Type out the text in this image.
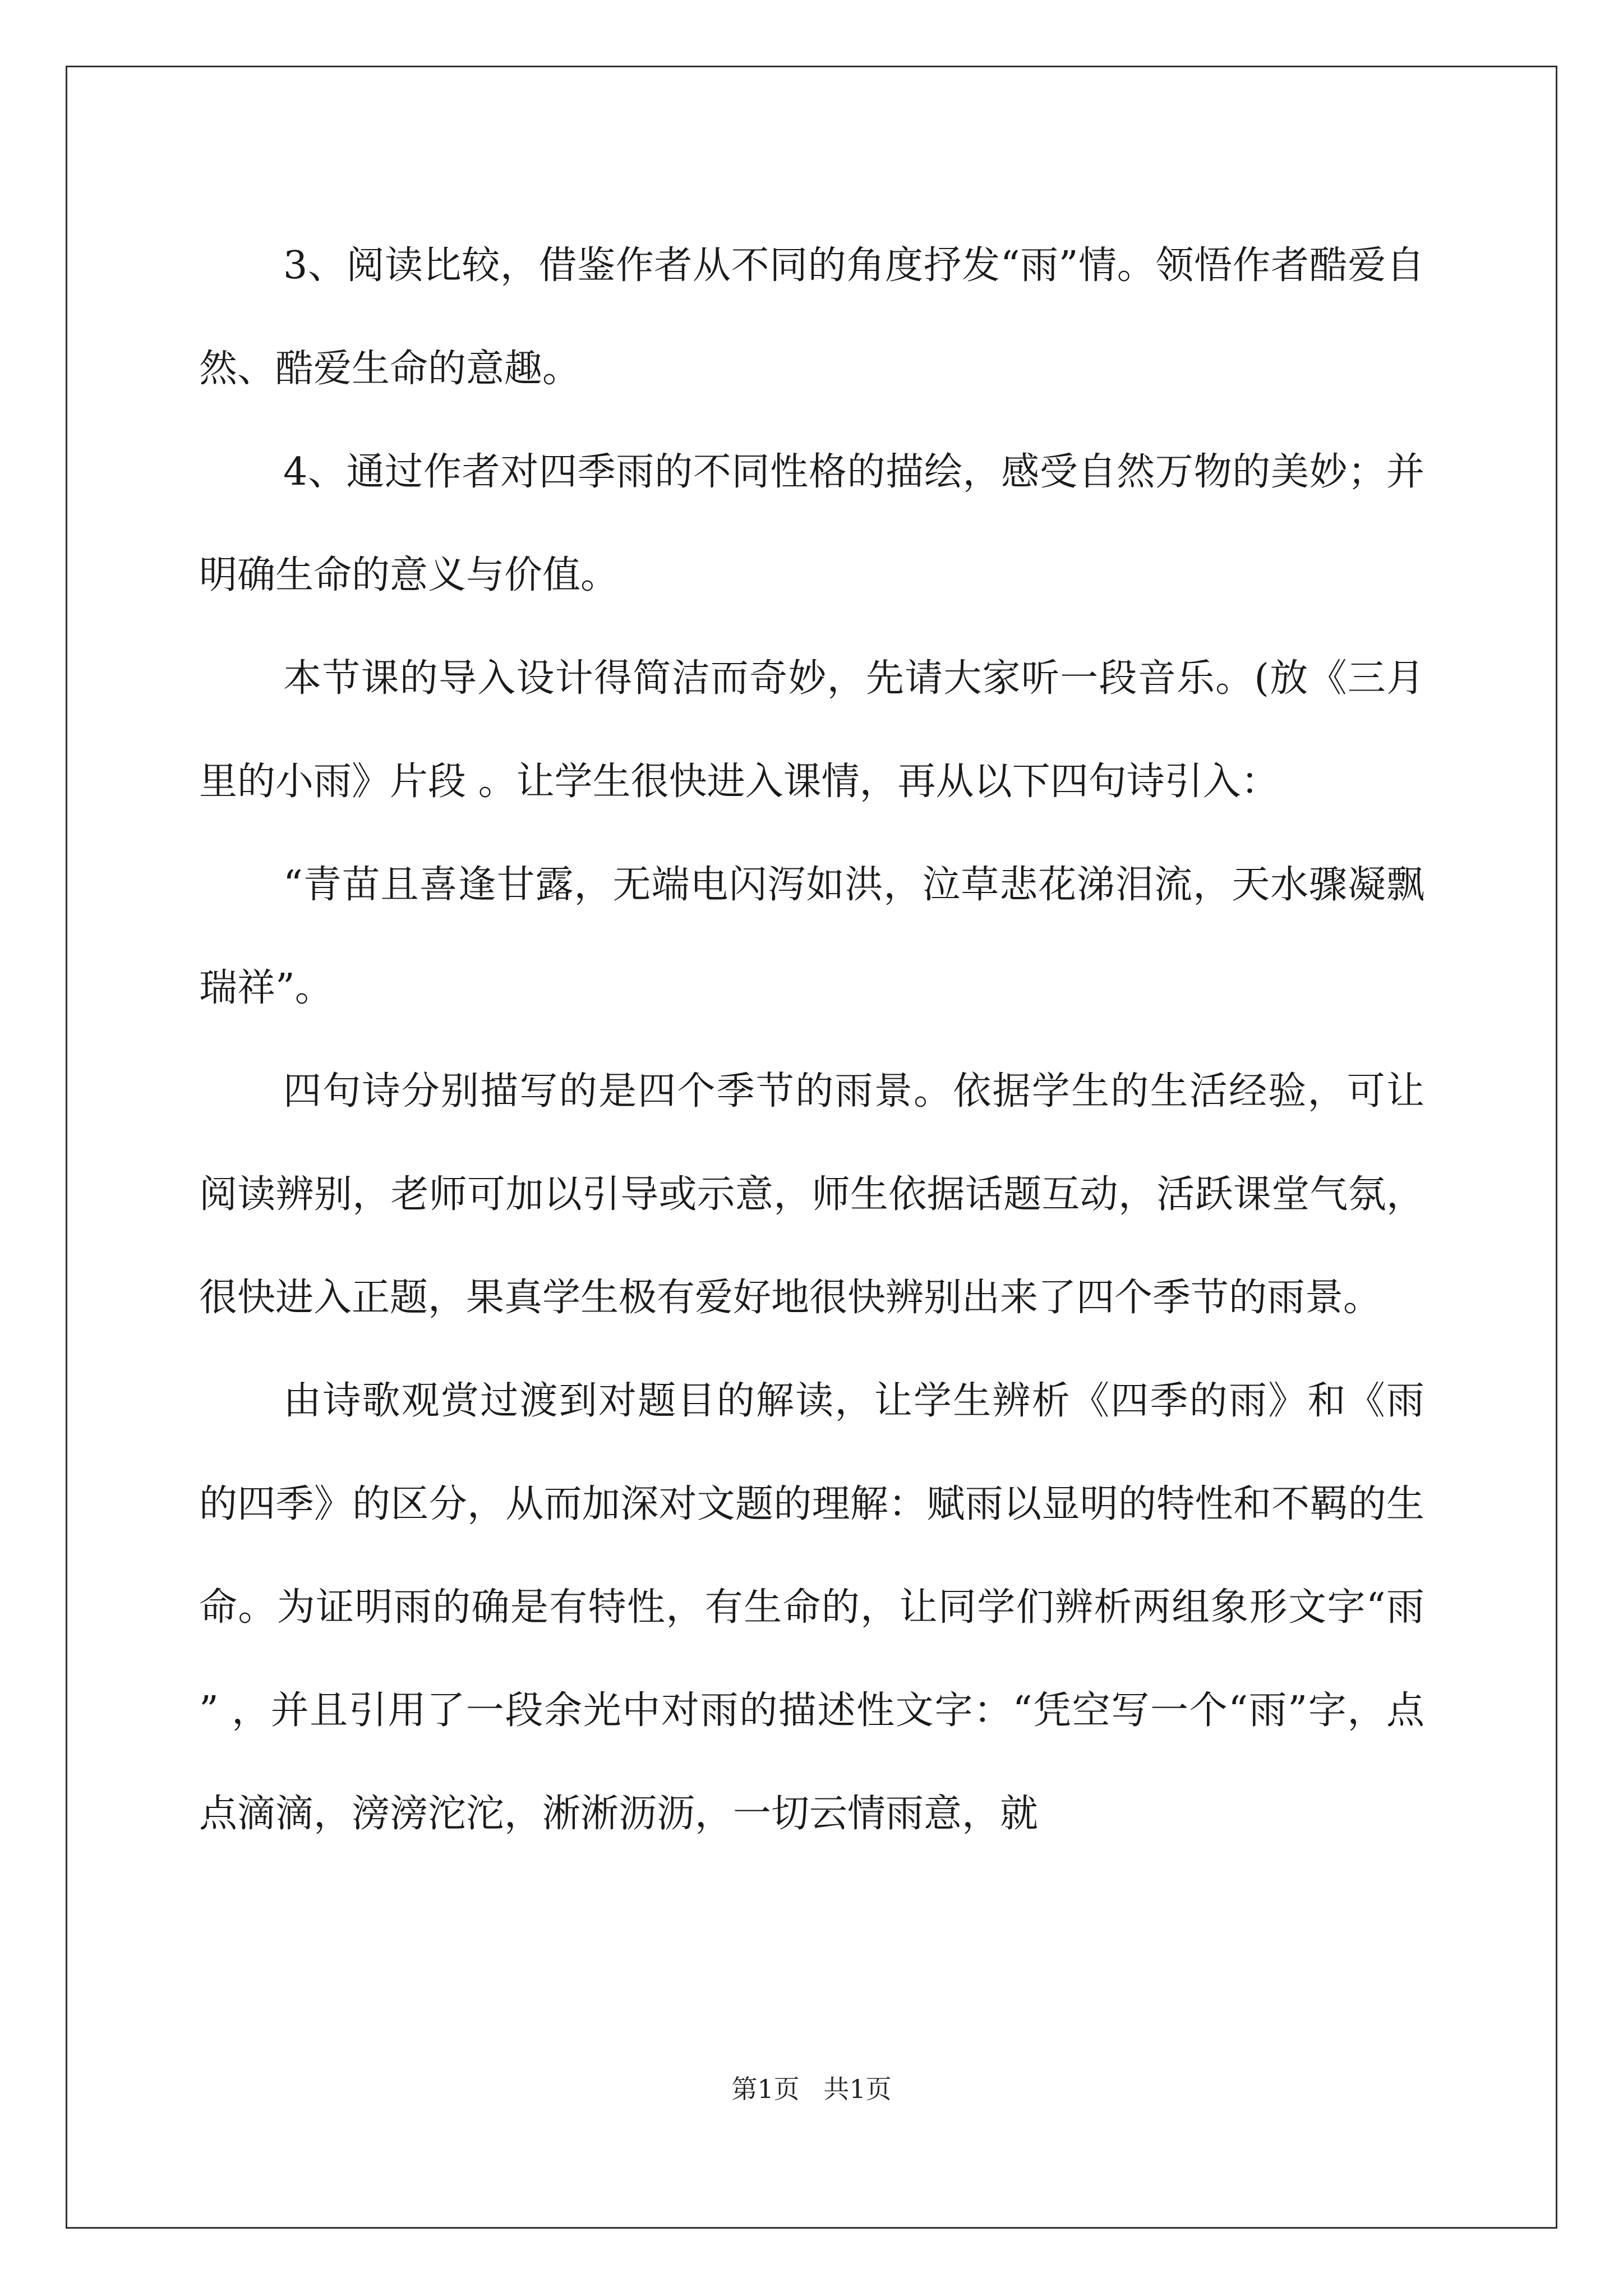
3、阅读比较，借鉴作者从不同的角度抒发“雨”情。领悟作者酷爱自然、酷爱生命的意趣。

4、通过作者对四季雨的不同性格的描绘，感受自然万物的美妙；并明确生命的意义与价值。

本节课的导入设计得简洁而奇妙，先请大家听一段音乐。(放《三月里的小雨》片段 。让学生很快进入课情，再从以下四句诗引入：

“青苗且喜逢甘露，无端电闪泻如洪，泣草悲花涕泪流，天水骤凝飘瑞祥”。

四句诗分别描写的是四个季节的雨景。依据学生的生活经验，可让阅读辨别，老师可加以引导或示意，师生依据话题互动，活跃课堂气氛，很快进入正题，果真学生极有爱好地很快辨别出来了四个季节的雨景。

由诗歌观赏过渡到对题目的解读，让学生辨析《四季的雨》和《雨的四季》的区分，从而加深对文题的理解：赋雨以显明的特性和不羁的生命。为证明雨的确是有特性，有生命的，让同学们辨析两组象形文字“雨 ” ，并且引用了一段余光中对雨的描述性文字：“凭空写一个“雨”字，点点滴滴，滂滂沱沱，淅淅沥沥，一切云情雨意，就

第1页 共1页
